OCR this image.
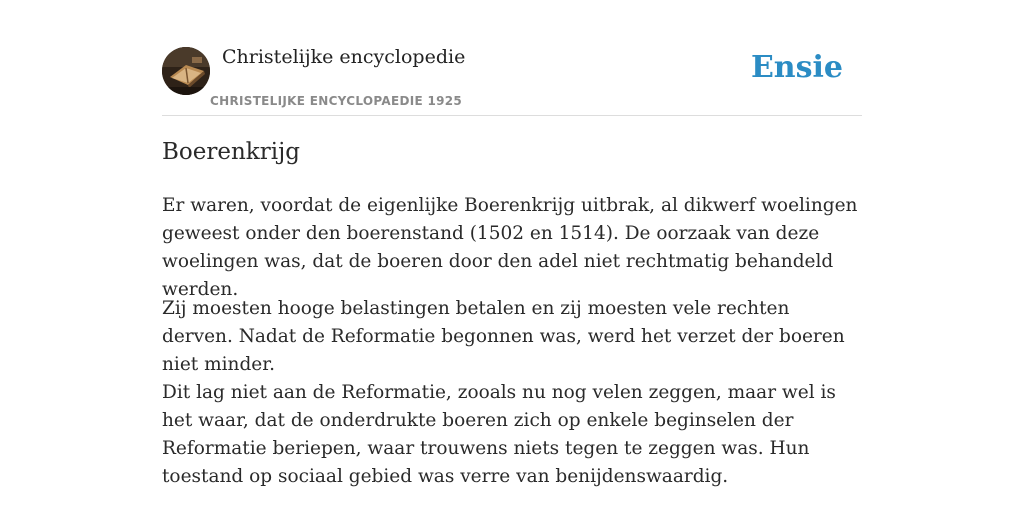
Christelijke encyclopedie
CHRISTELIJKE ENCYCLOPAEDIE 1925
Ensie
Boerenkrijg

Er waren, voordat de eigenlijke Boerenkrijg uitbrak, al dikwerf woelingen geweest onder den boerenstand (1502 en 1514). De oorzaak van deze woelingen was, dat de boeren door den adel niet rechtmatig behandeld werden.

Zij moesten hooge belastingen betalen en zij moesten vele rechten derven. Nadat de Reformatie begonnen was, werd het verzet der boeren niet minder.

Dit lag niet aan de Reformatie, zooals nu nog velen zeggen, maar wel is het waar, dat de onderdrukte boeren zich op enkele beginselen der Reformatie beriepen, waar trouwens niets tegen te zeggen was. Hun toestand op sociaal gebied was verre van benijdenswaardig.
